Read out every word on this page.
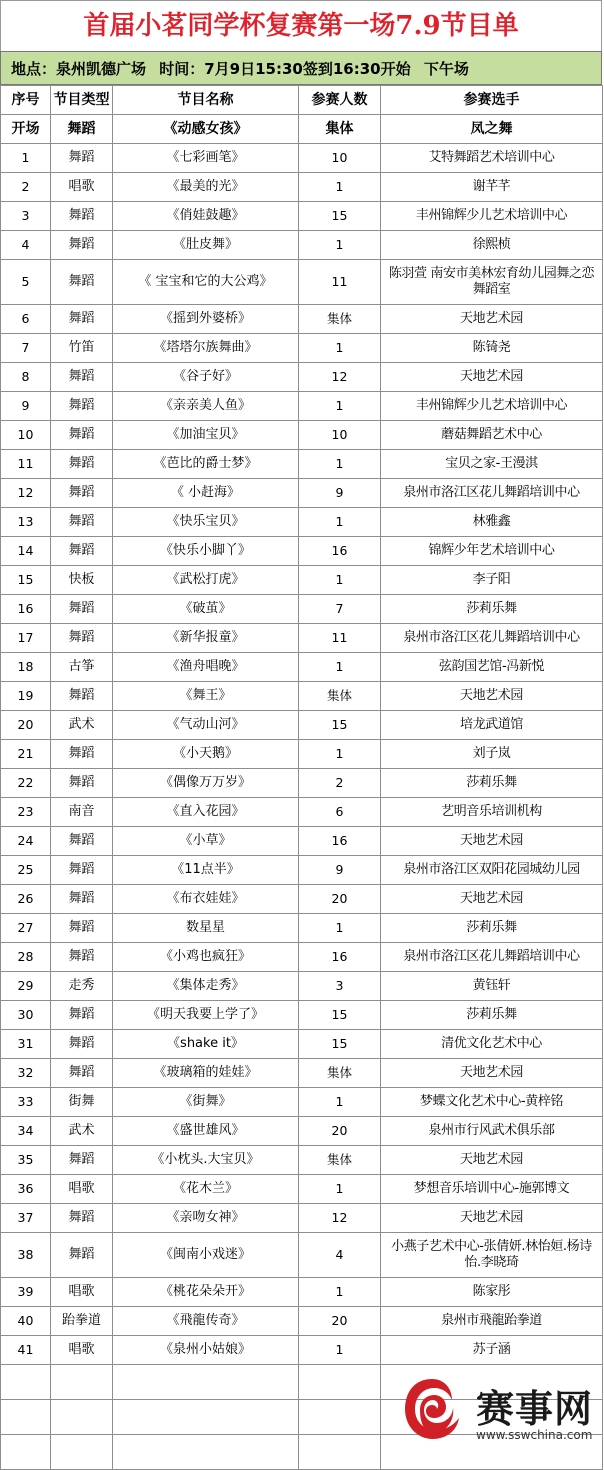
首届小茗同学杯复赛第一场7.9节目单
地点：泉州凯德广场 时间：7月9日15:30签到16:30开始 下午场
序号	节目类型	节目名称	参赛人数	参赛选手
开场	舞蹈	《动感女孩》	集体	凤之舞
1	舞蹈	《七彩画笔》	10	艾特舞蹈艺术培训中心
2	唱歌	《最美的光》	1	谢芊芊
3	舞蹈	《俏娃鼓趣》	15	丰州锦辉少儿艺术培训中心
4	舞蹈	《肚皮舞》	1	徐熙桢
5	舞蹈	《 宝宝和它的大公鸡》	11	陈羽萱 南安市美林宏育幼儿园舞之恋舞蹈室
6	舞蹈	《摇到外婆桥》	集体	天地艺术园
7	竹笛	《塔塔尔族舞曲》	1	陈锜尧
8	舞蹈	《谷子好》	12	天地艺术园
9	舞蹈	《亲亲美人鱼》	1	丰州锦辉少儿艺术培训中心
10	舞蹈	《加油宝贝》	10	蘑菇舞蹈艺术中心
11	舞蹈	《芭比的爵士梦》	1	宝贝之家-王漫淇
12	舞蹈	《 小赶海》	9	泉州市洛江区花儿舞蹈培训中心
13	舞蹈	《快乐宝贝》	1	林雅鑫
14	舞蹈	《快乐小脚丫》	16	锦辉少年艺术培训中心
15	快板	《武松打虎》	1	李子阳
16	舞蹈	《破茧》	7	莎莉乐舞
17	舞蹈	《新华报童》	11	泉州市洛江区花儿舞蹈培训中心
18	古筝	《渔舟唱晚》	1	弦韵国艺馆-冯新悦
19	舞蹈	《舞王》	集体	天地艺术园
20	武术	《气动山河》	15	培龙武道馆
21	舞蹈	《小天鹅》	1	刘子岚
22	舞蹈	《偶像万万岁》	2	莎莉乐舞
23	南音	《直入花园》	6	艺明音乐培训机构
24	舞蹈	《小草》	16	天地艺术园
25	舞蹈	《11点半》	9	泉州市洛江区双阳花园城幼儿园
26	舞蹈	《布衣娃娃》	20	天地艺术园
27	舞蹈	数星星	1	莎莉乐舞
28	舞蹈	《小鸡也疯狂》	16	泉州市洛江区花儿舞蹈培训中心
29	走秀	《集体走秀》	3	黄钰轩
30	舞蹈	《明天我要上学了》	15	莎莉乐舞
31	舞蹈	《shake it》	15	清优文化艺术中心
32	舞蹈	《玻璃箱的娃娃》	集体	天地艺术园
33	街舞	《街舞》	1	梦蝶文化艺术中心-黄梓铭
34	武术	《盛世雄风》	20	泉州市行风武术俱乐部
35	舞蹈	《小枕头.大宝贝》	集体	天地艺术园
36	唱歌	《花木兰》	1	梦想音乐培训中心-施郭博文
37	舞蹈	《亲吻女神》	12	天地艺术园
38	舞蹈	《闽南小戏迷》	4	小燕子艺术中心-张倩妍.林怡姮.杨诗怡.李晓琦
39	唱歌	《桃花朵朵开》	1	陈家彤
40	跆拳道	《飛龍传奇》	20	泉州市飛龍跆拳道
41	唱歌	《泉州小姑娘》	1	苏子涵

赛事网
www.sswchina.com
